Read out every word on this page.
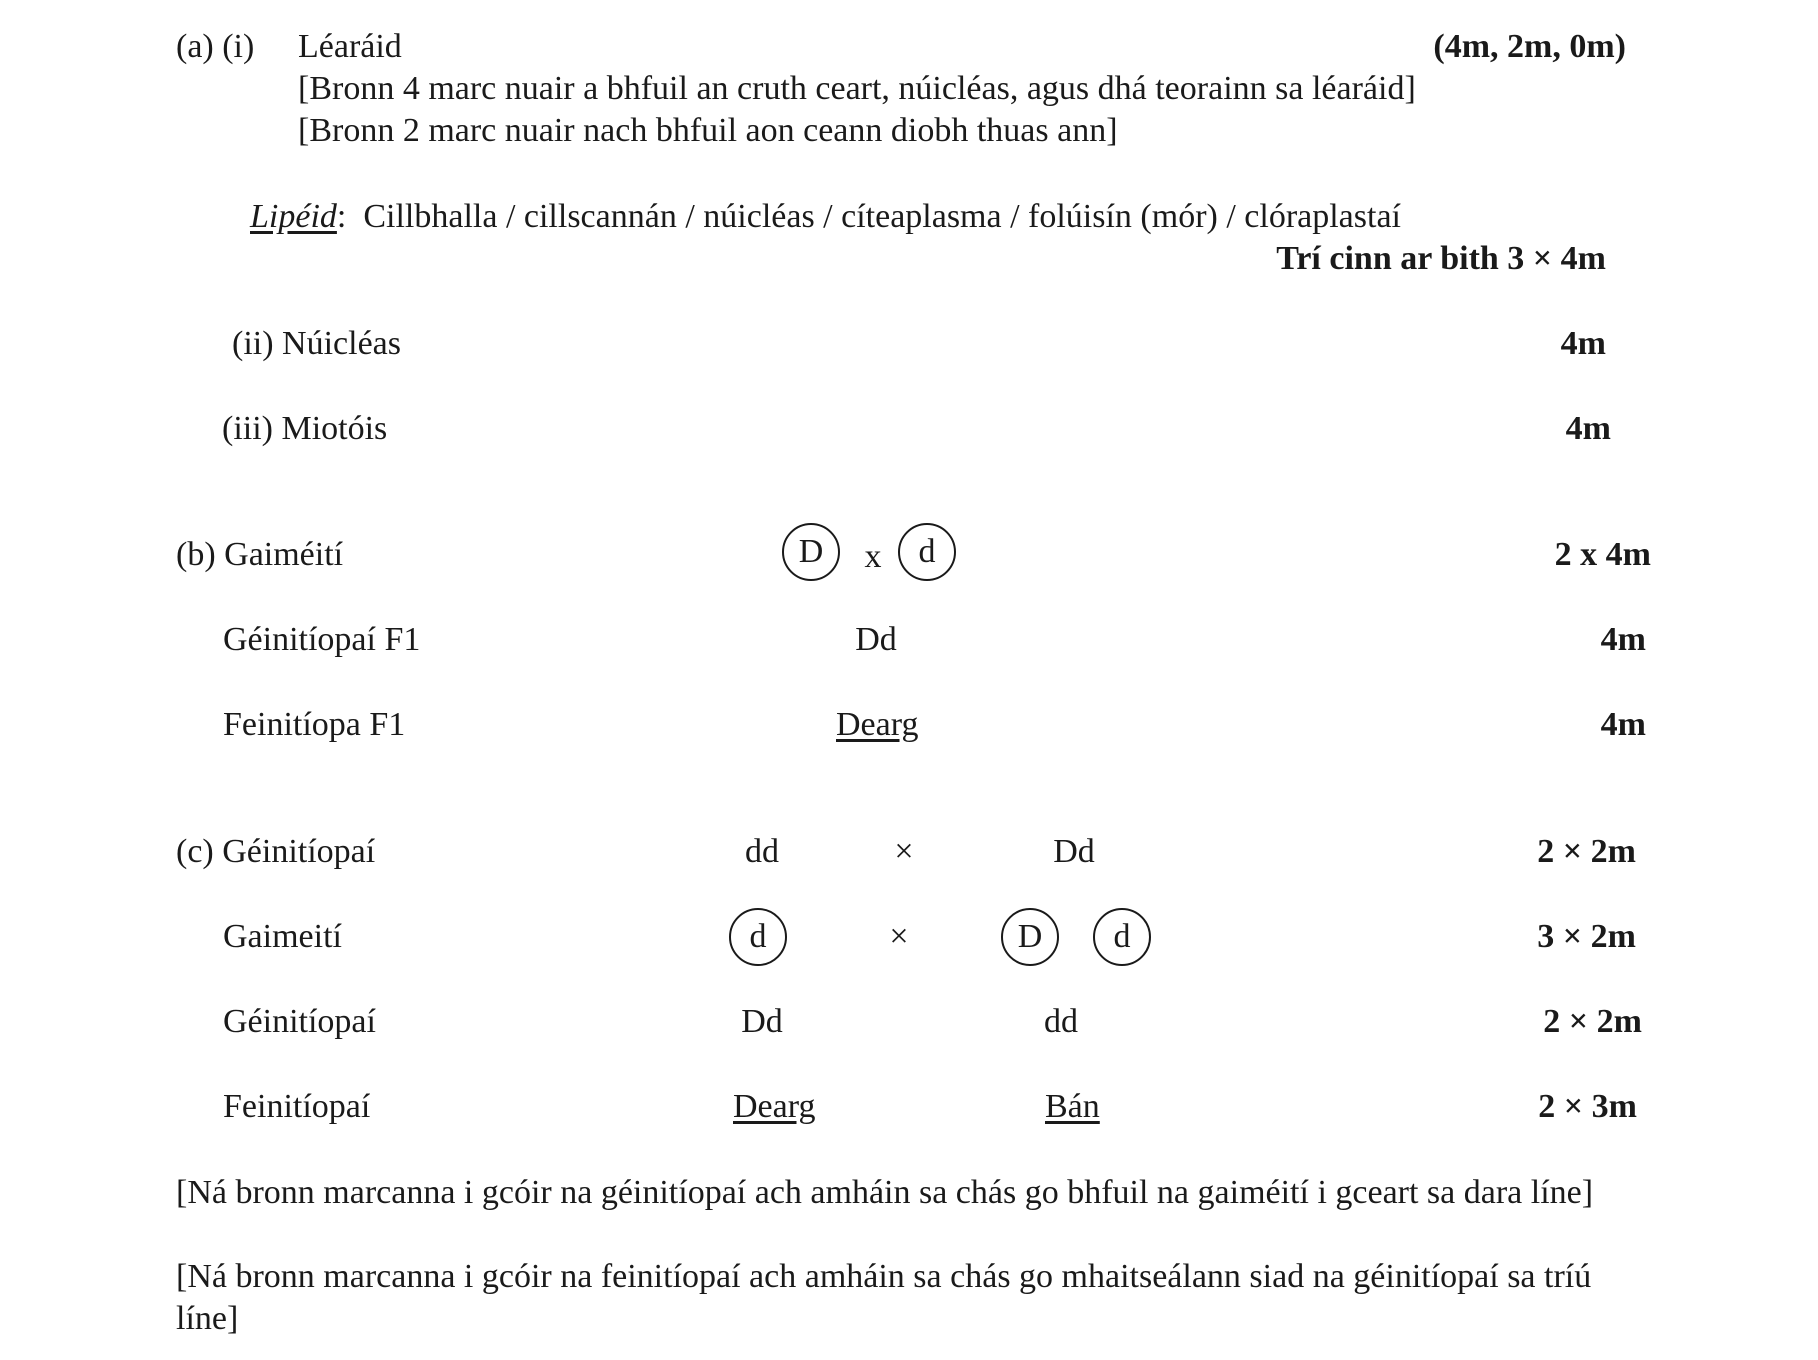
(a) (i) Léaráid	(4m, 2m, 0m)
[Bronn 4 marc nuair a bhfuil an cruth ceart, núicléas, agus dhá teorainn sa léaráid]
[Bronn 2 marc nuair nach bhfuil aon ceann diobh thuas ann]
Lipéid: Cillbhalla / cillscannán / núicléas / cíteaplasma / folúisín (mór) / clóraplastaí
Trí cinn ar bith 3 × 4m
(ii) Núicléas	4m
(iii) Miotóis	4m
(b) Gaiméití	D x d	2 x 4m
Géinitíopaí F1	Dd	4m
Feinitíopa F1	Dearg	4m
(c) Géinitíopaí	dd	×	Dd	2 × 2m
Gaimeití	d	×	D d	3 × 2m
Géinitíopaí	Dd	dd	2 × 2m
Feinitíopaí	Dearg	Bán	2 × 3m
[Ná bronn marcanna i gcóir na géinitíopaí ach amháin sa chás go bhfuil na gaiméití i gceart sa dara líne]
[Ná bronn marcanna i gcóir na feinitíopaí ach amháin sa chás go mhaitseálann siad na géinitíopaí sa tríú líne]
